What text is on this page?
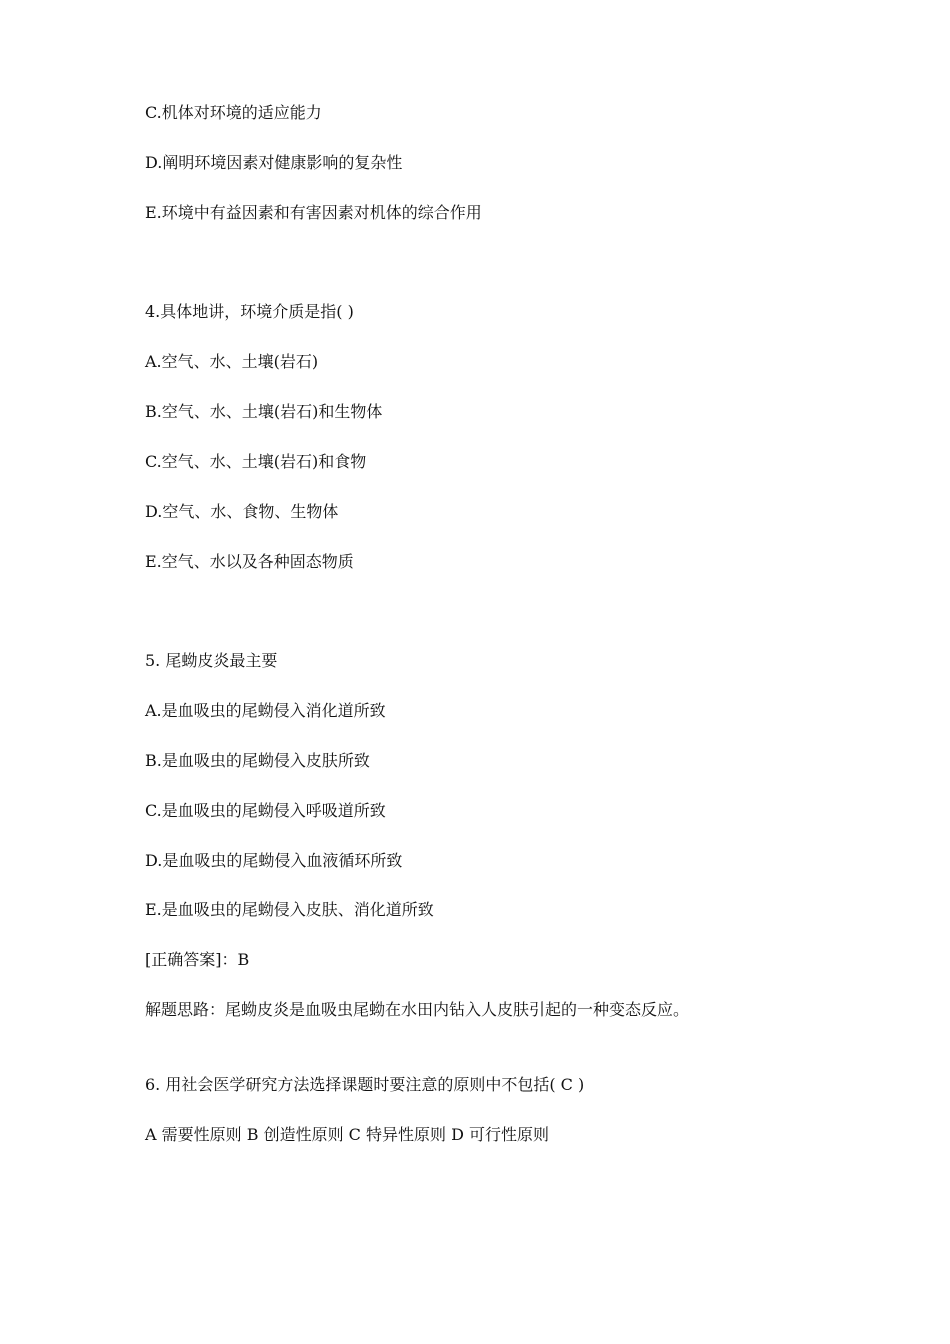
C.机体对环境的适应能力
D.阐明环境因素对健康影响的复杂性
E.环境中有益因素和有害因素对机体的综合作用
4.具体地讲，环境介质是指( )
A.空气、水、土壤(岩石)
B.空气、水、土壤(岩石)和生物体
C.空气、水、土壤(岩石)和食物
D.空气、水、食物、生物体
E.空气、水以及各种固态物质
5. 尾蚴皮炎最主要
A.是血吸虫的尾蚴侵入消化道所致
B.是血吸虫的尾蚴侵入皮肤所致
C.是血吸虫的尾蚴侵入呼吸道所致
D.是血吸虫的尾蚴侵入血液循环所致
E.是血吸虫的尾蚴侵入皮肤、消化道所致
[正确答案]：B
解题思路：尾蚴皮炎是血吸虫尾蚴在水田内钻入人皮肤引起的一种变态反应。
6. 用社会医学研究方法选择课题时要注意的原则中不包括( C )
A 需要性原则 B 创造性原则 C 特异性原则 D 可行性原则
